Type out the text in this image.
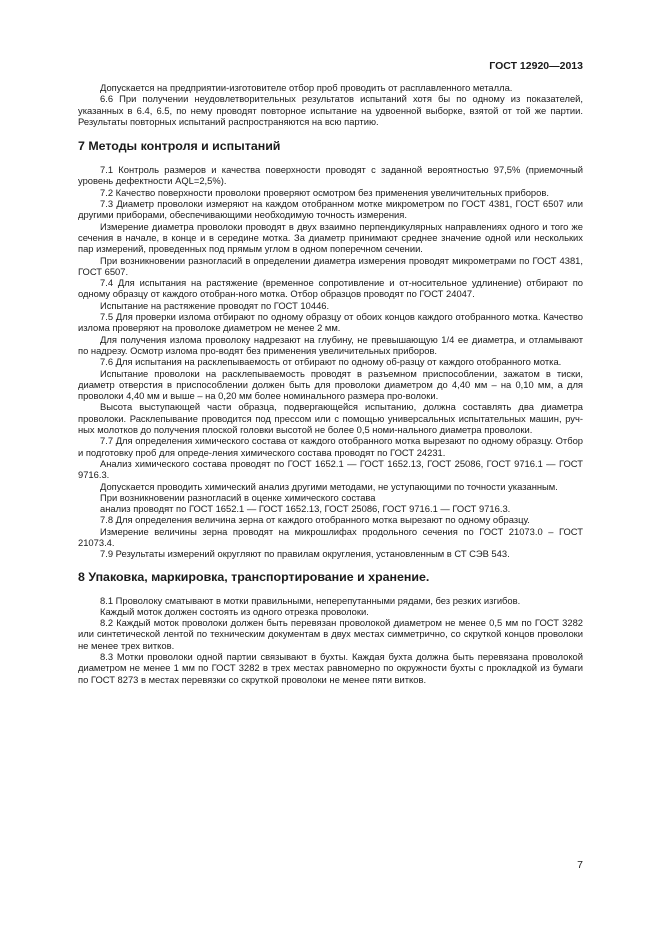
ГОСТ 12920—2013

Допускается на предприятии-изготовителе отбор проб проводить от расплавленного металла.

6.6 При получении неудовлетворительных результатов испытаний хотя бы по одному из показателей, указанных в 6.4, 6.5, по нему проводят повторное испытание на удвоенной выборке, взятой от той же партии. Результаты повторных испытаний распространяются на всю партию.

7 Методы контроля и испытаний

7.1 Контроль размеров и качества поверхности проводят с заданной вероятностью 97,5% (приемочный уровень дефектности AQL=2,5%).

7.2 Качество поверхности проволоки проверяют осмотром без применения увеличительных приборов.

7.3 Диаметр проволоки измеряют на каждом отобранном мотке микрометром по ГОСТ 4381, ГОСТ 6507 или другими приборами, обеспечивающими необходимую точность измерения.

Измерение диаметра проволоки проводят в двух взаимно перпендикулярных направлениях одного и того же сечения в начале, в конце и в середине мотка. За диаметр принимают среднее значение одной или нескольких пар измерений, проведенных под прямым углом в одном поперечном сечении.

При возникновении разногласий в определении диаметра измерения проводят микрометрами по ГОСТ 4381, ГОСТ 6507.

7.4 Для испытания на растяжение (временное сопротивление и от-носительное удлинение) отбирают по одному образцу от каждого отобран-ного мотка. Отбор образцов проводят по ГОСТ 24047.

Испытание на растяжение проводят по ГОСТ 10446.

7.5 Для проверки излома отбирают по одному образцу от обоих концов каждого отобранного мотка. Качество излома проверяют на проволоке диаметром не менее 2 мм.

Для получения излома проволоку надрезают на глубину, не превышающую 1/4 ее диаметра, и отламывают по надрезу. Осмотр излома про-водят без применения увеличительных приборов.

7.6 Для испытания на расклепываемость от отбирают по одному об-разцу от каждого отобранного мотка.

Испытание проволоки на расклепываемость проводят в разъемном приспособлении, зажатом в тиски, диаметр отверстия в приспособлении должен быть для проволоки диаметром до 4,40 мм – на 0,10 мм, а для проволоки 4,40 мм и выше – на 0,20 мм более номинального размера про-волоки.

Высота выступающей части образца, подвергающейся испытанию, должна составлять два диаметра проволоки. Расклепывание проводится под прессом или с помощью универсальных испытательных машин, руч-ных молотков до получения плоской головки высотой не более 0,5 номи-нального диаметра проволоки.

7.7 Для определения химического состава от каждого отобранного мотка вырезают по одному образцу. Отбор и подготовку проб для опреде-ления химического состава проводят по ГОСТ 24231.

Анализ химического состава проводят по ГОСТ 1652.1 — ГОСТ 1652.13, ГОСТ 25086, ГОСТ 9716.1 — ГОСТ 9716.3.

Допускается проводить химический анализ другими методами, не уступающими по точности указанным.

При возникновении разногласий в оценке химического состава

анализ проводят по ГОСТ 1652.1 — ГОСТ 1652.13, ГОСТ 25086, ГОСТ 9716.1 — ГОСТ 9716.3.

7.8 Для определения величина зерна от каждого отобранного мотка вырезают по одному образцу.

Измерение величины зерна проводят на микрошлифах продольного сечения по ГОСТ 21073.0 – ГОСТ 21073.4.

7.9 Результаты измерений округляют по правилам округления, установленным в СТ СЭВ 543.

8 Упаковка, маркировка, транспортирование и хранение.

8.1 Проволоку сматывают в мотки правильными, неперепутанными рядами, без резких изгибов.

Каждый моток должен состоять из одного отрезка проволоки.

8.2 Каждый моток проволоки должен быть перевязан проволокой диаметром не менее 0,5 мм по ГОСТ 3282 или синтетической лентой по техническим документам в двух местах симметрично, со скруткой концов проволоки не менее трех витков.

8.3 Мотки проволоки одной партии связывают в бухты. Каждая бухта должна быть перевязана проволокой диаметром не менее 1 мм по ГОСТ 3282 в трех местах равномерно по окружности бухты с прокладкой из бумаги по ГОСТ 8273 в местах перевязки со скруткой проволоки не менее пяти витков.

7
